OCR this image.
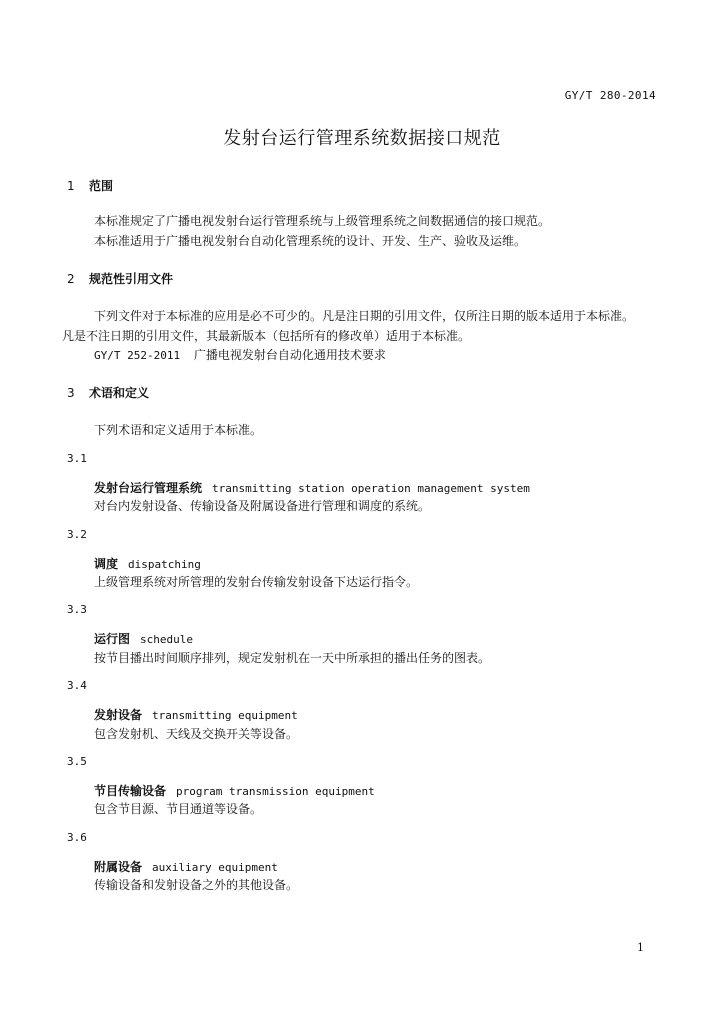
GY/T 280-2014
发射台运行管理系统数据接口规范
1 范围
本标准规定了广播电视发射台运行管理系统与上级管理系统之间数据通信的接口规范。
本标准适用于广播电视发射台自动化管理系统的设计、开发、生产、验收及运维。
2 规范性引用文件
下列文件对于本标准的应用是必不可少的。凡是注日期的引用文件，仅所注日期的版本适用于本标准。
凡是不注日期的引用文件，其最新版本（包括所有的修改单）适用于本标准。
GY/T 252-2011 广播电视发射台自动化通用技术要求
3 术语和定义
下列术语和定义适用于本标准。
3.1
发射台运行管理系统 transmitting station operation management system
对台内发射设备、传输设备及附属设备进行管理和调度的系统。
3.2
调度 dispatching
上级管理系统对所管理的发射台传输发射设备下达运行指令。
3.3
运行图 schedule
按节目播出时间顺序排列，规定发射机在一天中所承担的播出任务的图表。
3.4
发射设备 transmitting equipment
包含发射机、天线及交换开关等设备。
3.5
节目传输设备 program transmission equipment
包含节目源、节目通道等设备。
3.6
附属设备 auxiliary equipment
传输设备和发射设备之外的其他设备。
1
